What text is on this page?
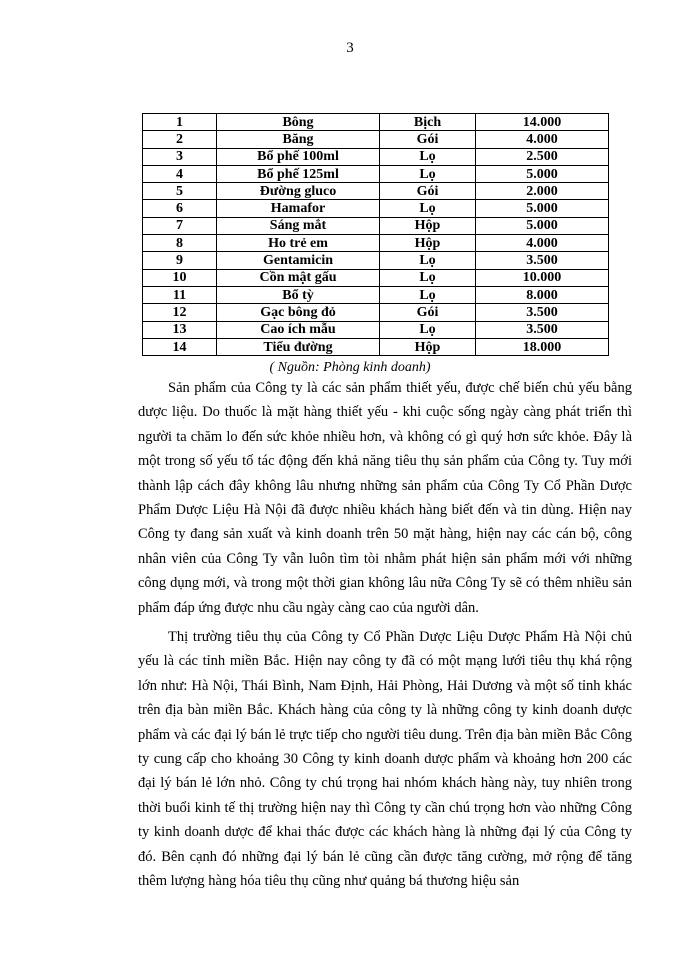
3
1	Bông	Bịch	14.000
2	Băng	Gói	4.000
3	Bổ phế 100ml	Lọ	2.500
4	Bổ phế 125ml	Lọ	5.000
5	Đường gluco	Gói	2.000
6	Hamafor	Lọ	5.000
7	Sáng mắt	Hộp	5.000
8	Ho trẻ em	Hộp	4.000
9	Gentamicin	Lọ	3.500
10	Cồn mật gấu	Lọ	10.000
11	Bổ tỳ	Lọ	8.000
12	Gạc bông đỏ	Gói	3.500
13	Cao ích mẫu	Lọ	3.500
14	Tiểu đường	Hộp	18.000
( Nguồn: Phòng kinh doanh)

Sản phẩm của Công ty là các sản phẩm thiết yếu, được chế biến chủ yếu bằng dược liệu. Do thuốc là mặt hàng thiết yếu - khi cuộc sống ngày càng phát triển thì người ta chăm lo đến sức khỏe nhiều hơn, và không có gì quý hơn sức khỏe. Đây là một trong số yếu tố tác động đến khả năng tiêu thụ sản phẩm của Công ty. Tuy mới thành lập cách đây không lâu nhưng những sản phẩm của Công Ty Cổ Phần Dược Phẩm Dược Liệu Hà Nội đã được nhiều khách hàng biết đến và tin dùng. Hiện nay Công ty đang sản xuất và kinh doanh trên 50 mặt hàng, hiện nay các cán bộ, công nhân viên của Công Ty vẫn luôn tìm tòi nhằm phát hiện sản phẩm mới với những công dụng mới, và trong một thời gian không lâu nữa Công Ty sẽ có thêm nhiều sản phẩm đáp ứng được nhu cầu ngày càng cao của người dân.

Thị trường tiêu thụ của Công ty Cổ Phần Dược Liệu Dược Phẩm Hà Nội chủ yếu là các tỉnh miền Bắc. Hiện nay công ty đã có một mạng lưới tiêu thụ khá rộng lớn như: Hà Nội, Thái Bình, Nam Định, Hải Phòng, Hải Dương và một số tỉnh khác trên địa bàn miền Bắc. Khách hàng của công ty là những công ty kinh doanh dược phẩm và các đại lý bán lẻ trực tiếp cho người tiêu dung. Trên địa bàn miền Bắc Công ty cung cấp cho khoảng 30 Công ty kinh doanh dược phẩm và khoảng hơn 200 các đại lý bán lẻ lớn nhỏ. Công ty chú trọng hai nhóm khách hàng này, tuy nhiên trong thời buổi kinh tế thị trường hiện nay thì Công ty cần chú trọng hơn vào những Công ty kinh doanh dược để khai thác được các khách hàng là những đại lý của Công ty đó. Bên cạnh đó những đại lý bán lẻ cũng cần được tăng cường, mở rộng để tăng thêm lượng hàng hóa tiêu thụ cũng như quảng bá thương hiệu sản
